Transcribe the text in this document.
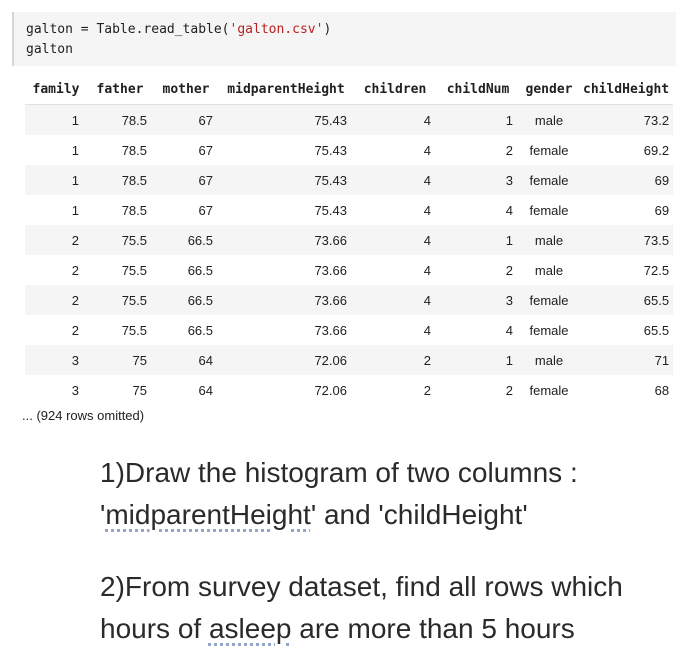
galton = Table.read_table('galton.csv')
galton
family	father	mother	midparentHeight	children	childNum	gender	childHeight
1	78.5	67	75.43	4	1	male	73.2
1	78.5	67	75.43	4	2	female	69.2
1	78.5	67	75.43	4	3	female	69
1	78.5	67	75.43	4	4	female	69
2	75.5	66.5	73.66	4	1	male	73.5
2	75.5	66.5	73.66	4	2	male	72.5
2	75.5	66.5	73.66	4	3	female	65.5
2	75.5	66.5	73.66	4	4	female	65.5
3	75	64	72.06	2	1	male	71
3	75	64	72.06	2	2	female	68
... (924 rows omitted)
1)Draw the histogram of two columns :
'midparentHeight' and 'childHeight'
2)From survey dataset, find all rows which
hours of asleep are more than 5 hours
